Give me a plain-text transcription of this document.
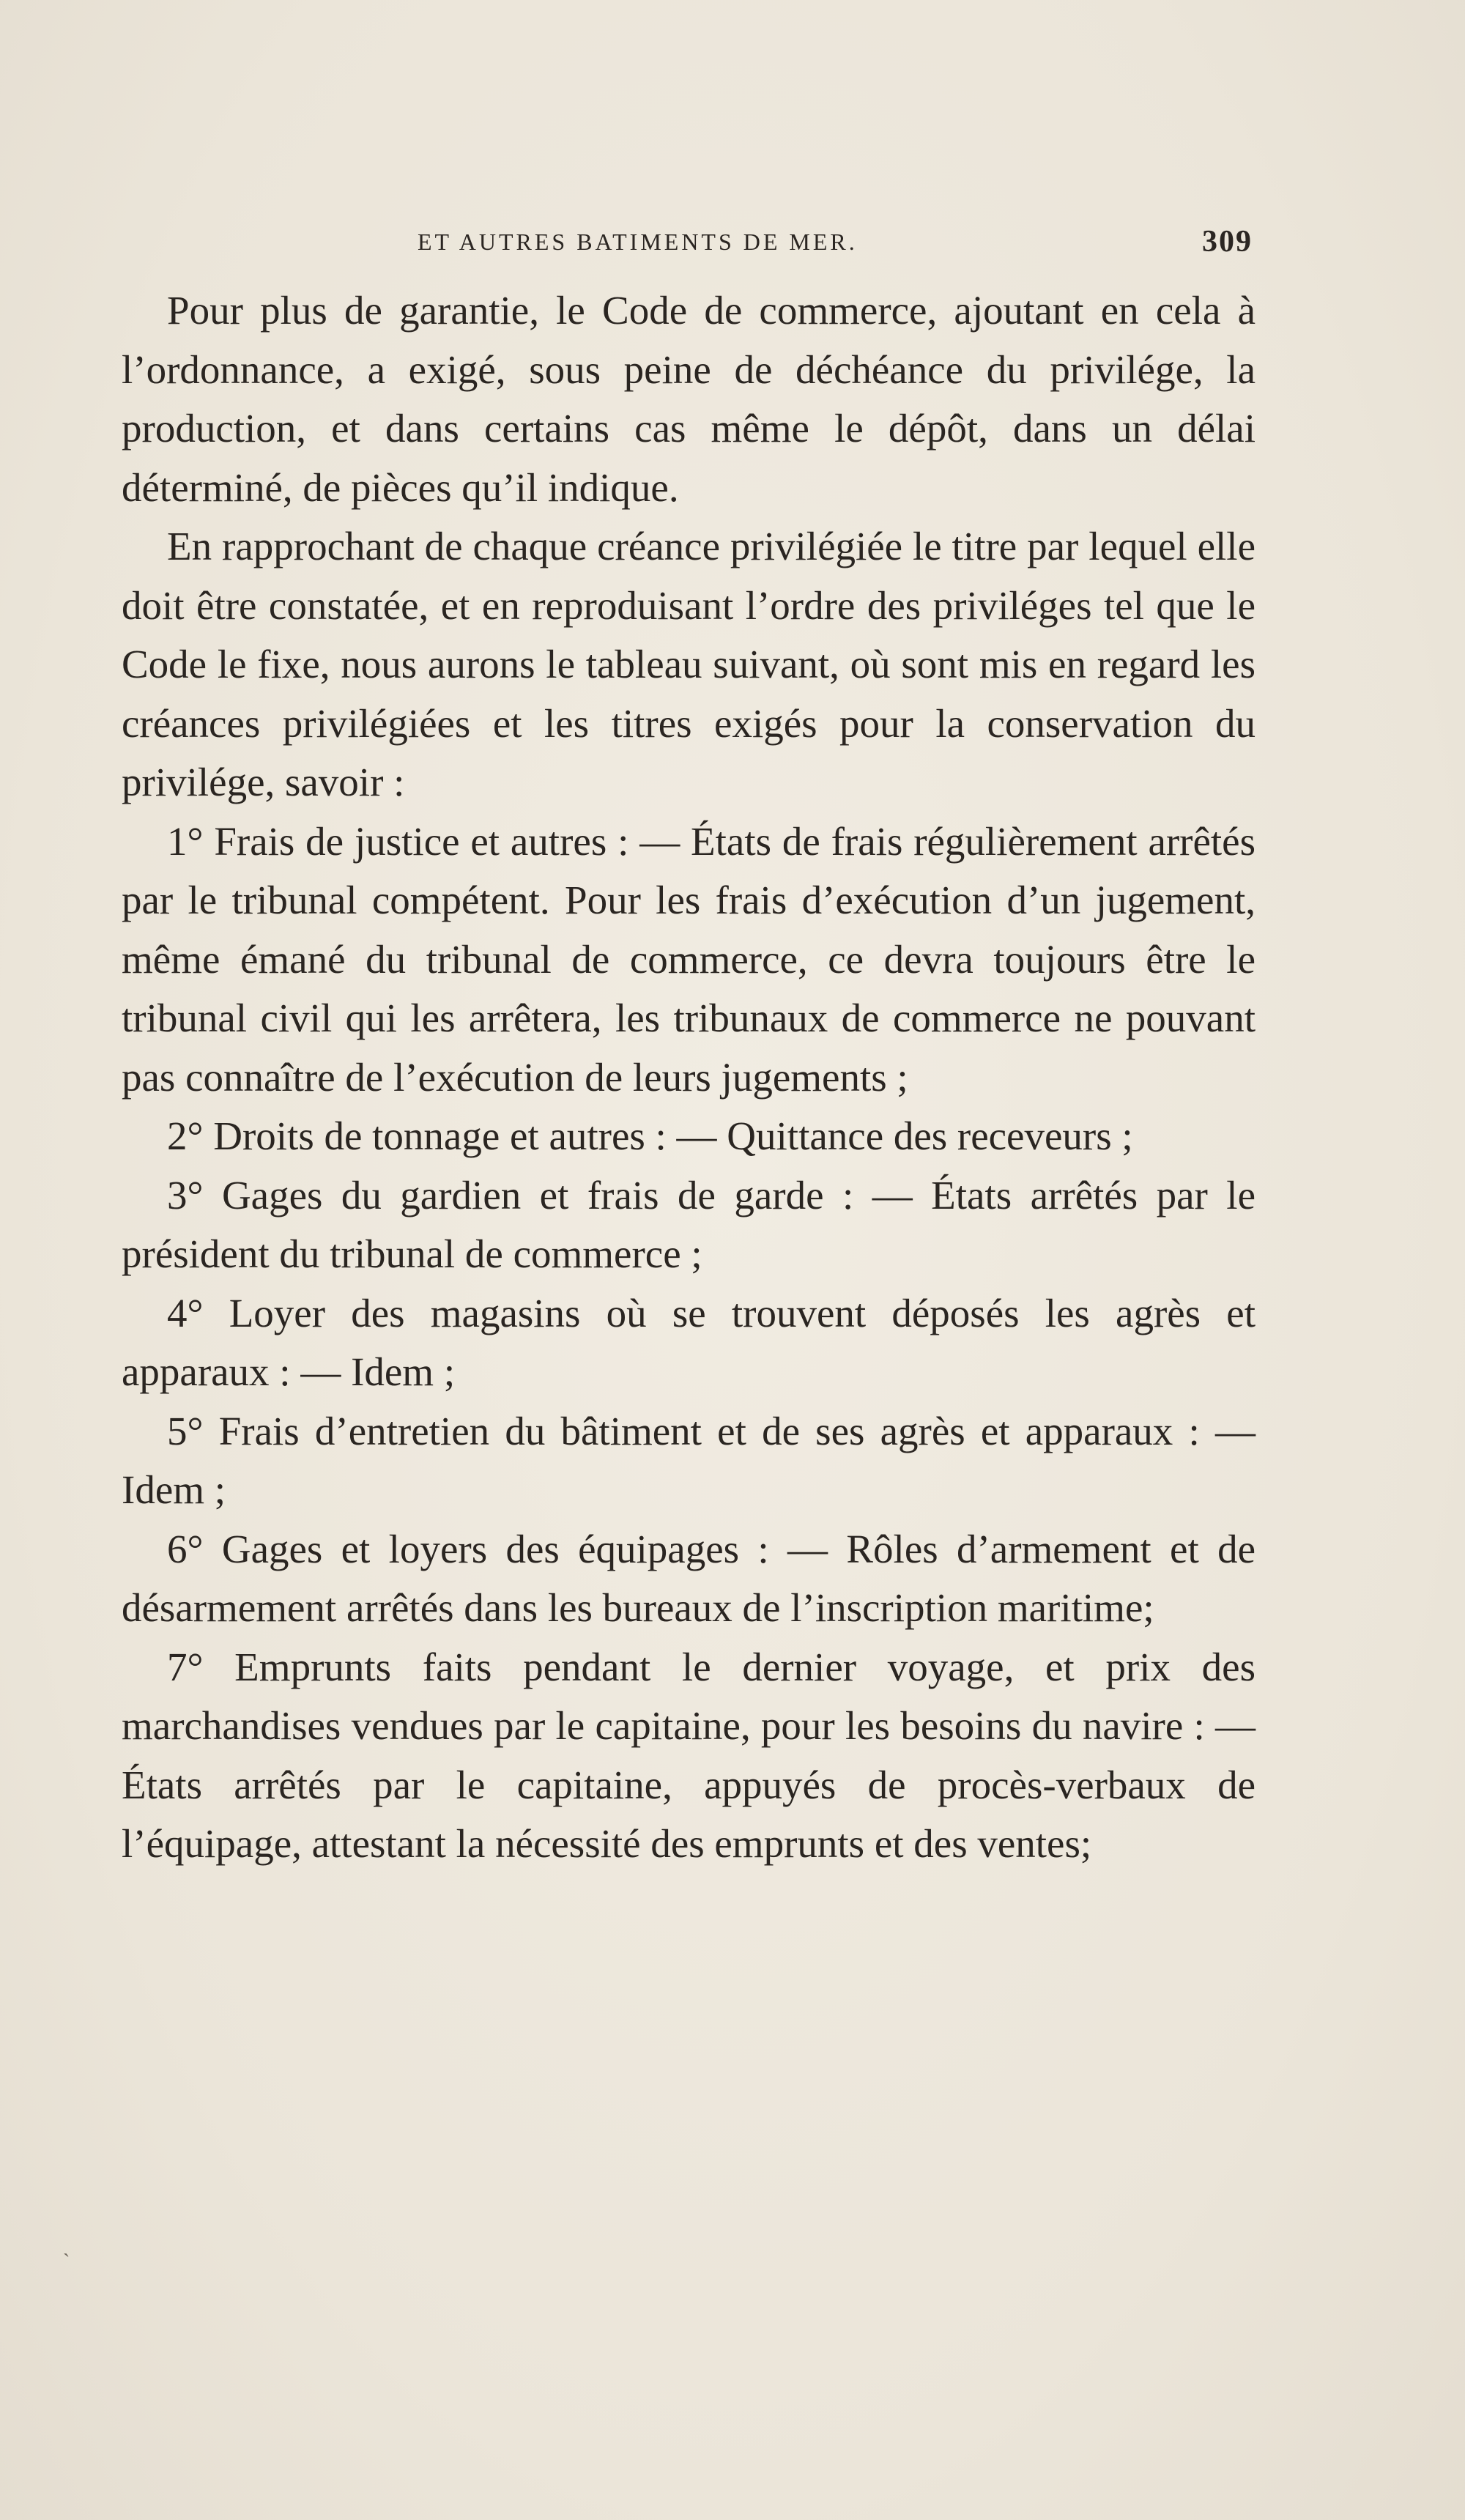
ET AUTRES BATIMENTS DE MER.	309

Pour plus de garantie, le Code de commerce, ajoutant en cela à l’ordonnance, a exigé, sous peine de déchéance du privilége, la production, et dans certains cas même le dépôt, dans un délai déterminé, de pièces qu’il indique.

En rapprochant de chaque créance privilégiée le titre par lequel elle doit être constatée, et en reproduisant l’ordre des priviléges tel que le Code le fixe, nous aurons le tableau suivant, où sont mis en regard les créances privilégiées et les titres exigés pour la conservation du privilége, savoir :

1° Frais de justice et autres : — États de frais régulièrement arrêtés par le tribunal compétent. Pour les frais d’exécution d’un jugement, même émané du tribunal de commerce, ce devra toujours être le tribunal civil qui les arrêtera, les tribunaux de commerce ne pouvant pas connaître de l’exécution de leurs jugements ;

2° Droits de tonnage et autres : — Quittance des receveurs ;

3° Gages du gardien et frais de garde : — États arrêtés par le président du tribunal de commerce ;

4° Loyer des magasins où se trouvent déposés les agrès et apparaux : — Idem ;

5° Frais d’entretien du bâtiment et de ses agrès et apparaux : — Idem ;

6° Gages et loyers des équipages : — Rôles d’armement et de désarmement arrêtés dans les bureaux de l’inscription maritime;

7° Emprunts faits pendant le dernier voyage, et prix des marchandises vendues par le capitaine, pour les besoins du navire : — États arrêtés par le capitaine, appuyés de procès-verbaux de l’équipage, attestant la nécessité des emprunts et des ventes;

`
